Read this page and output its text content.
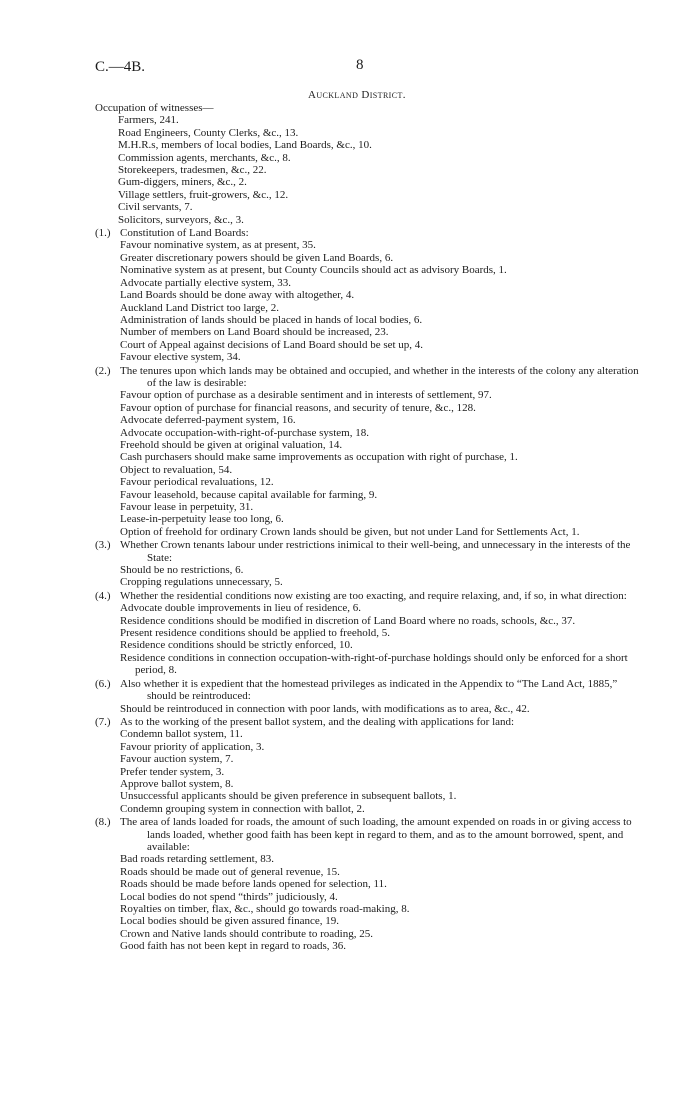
C.—4B.	8
Auckland District.
Occupation of witnesses—
Farmers, 241.
Road Engineers, County Clerks, &c., 13.
M.H.R.s, members of local bodies, Land Boards, &c., 10.
Commission agents, merchants, &c., 8.
Storekeepers, tradesmen, &c., 22.
Gum-diggers, miners, &c., 2.
Village settlers, fruit-growers, &c., 12.
Civil servants, 7.
Solicitors, surveyors, &c., 3.
(1.) Constitution of Land Boards:
Favour nominative system, as at present, 35.
Greater discretionary powers should be given Land Boards, 6.
Nominative system as at present, but County Councils should act as advisory Boards, 1.
Advocate partially elective system, 33.
Land Boards should be done away with altogether, 4.
Auckland Land District too large, 2.
Administration of lands should be placed in hands of local bodies, 6.
Number of members on Land Board should be increased, 23.
Court of Appeal against decisions of Land Board should be set up, 4.
Favour elective system, 34.
(2.) The tenures upon which lands may be obtained and occupied, and whether in the interests of the colony any alteration of the law is desirable:
Favour option of purchase as a desirable sentiment and in interests of settlement, 97.
Favour option of purchase for financial reasons, and security of tenure, &c., 128.
Advocate deferred-payment system, 16.
Advocate occupation-with-right-of-purchase system, 18.
Freehold should be given at original valuation, 14.
Cash purchasers should make same improvements as occupation with right of purchase, 1.
Object to revaluation, 54.
Favour periodical revaluations, 12.
Favour leasehold, because capital available for farming, 9.
Favour lease in perpetuity, 31.
Lease-in-perpetuity lease too long, 6.
Option of freehold for ordinary Crown lands should be given, but not under Land for Settlements Act, 1.
(3.) Whether Crown tenants labour under restrictions inimical to their well-being, and unnecessary in the interests of the State:
Should be no restrictions, 6.
Cropping regulations unnecessary, 5.
(4.) Whether the residential conditions now existing are too exacting, and require relaxing, and, if so, in what direction:
Advocate double improvements in lieu of residence, 6.
Residence conditions should be modified in discretion of Land Board where no roads, schools, &c., 37.
Present residence conditions should be applied to freehold, 5.
Residence conditions should be strictly enforced, 10.
Residence conditions in connection occupation-with-right-of-purchase holdings should only be enforced for a short period, 8.
(6.) Also whether it is expedient that the homestead privileges as indicated in the Appendix to “The Land Act, 1885,” should be reintroduced:
Should be reintroduced in connection with poor lands, with modifications as to area, &c., 42.
(7.) As to the working of the present ballot system, and the dealing with applications for land:
Condemn ballot system, 11.
Favour priority of application, 3.
Favour auction system, 7.
Prefer tender system, 3.
Approve ballot system, 8.
Unsuccessful applicants should be given preference in subsequent ballots, 1.
Condemn grouping system in connection with ballot, 2.
(8.) The area of lands loaded for roads, the amount of such loading, the amount expended on roads in or giving access to lands loaded, whether good faith has been kept in regard to them, and as to the amount borrowed, spent, and available:
Bad roads retarding settlement, 83.
Roads should be made out of general revenue, 15.
Roads should be made before lands opened for selection, 11.
Local bodies do not spend “thirds” judiciously, 4.
Royalties on timber, flax, &c., should go towards road-making, 8.
Local bodies should be given assured finance, 19.
Crown and Native lands should contribute to roading, 25.
Good faith has not been kept in regard to roads, 36.
